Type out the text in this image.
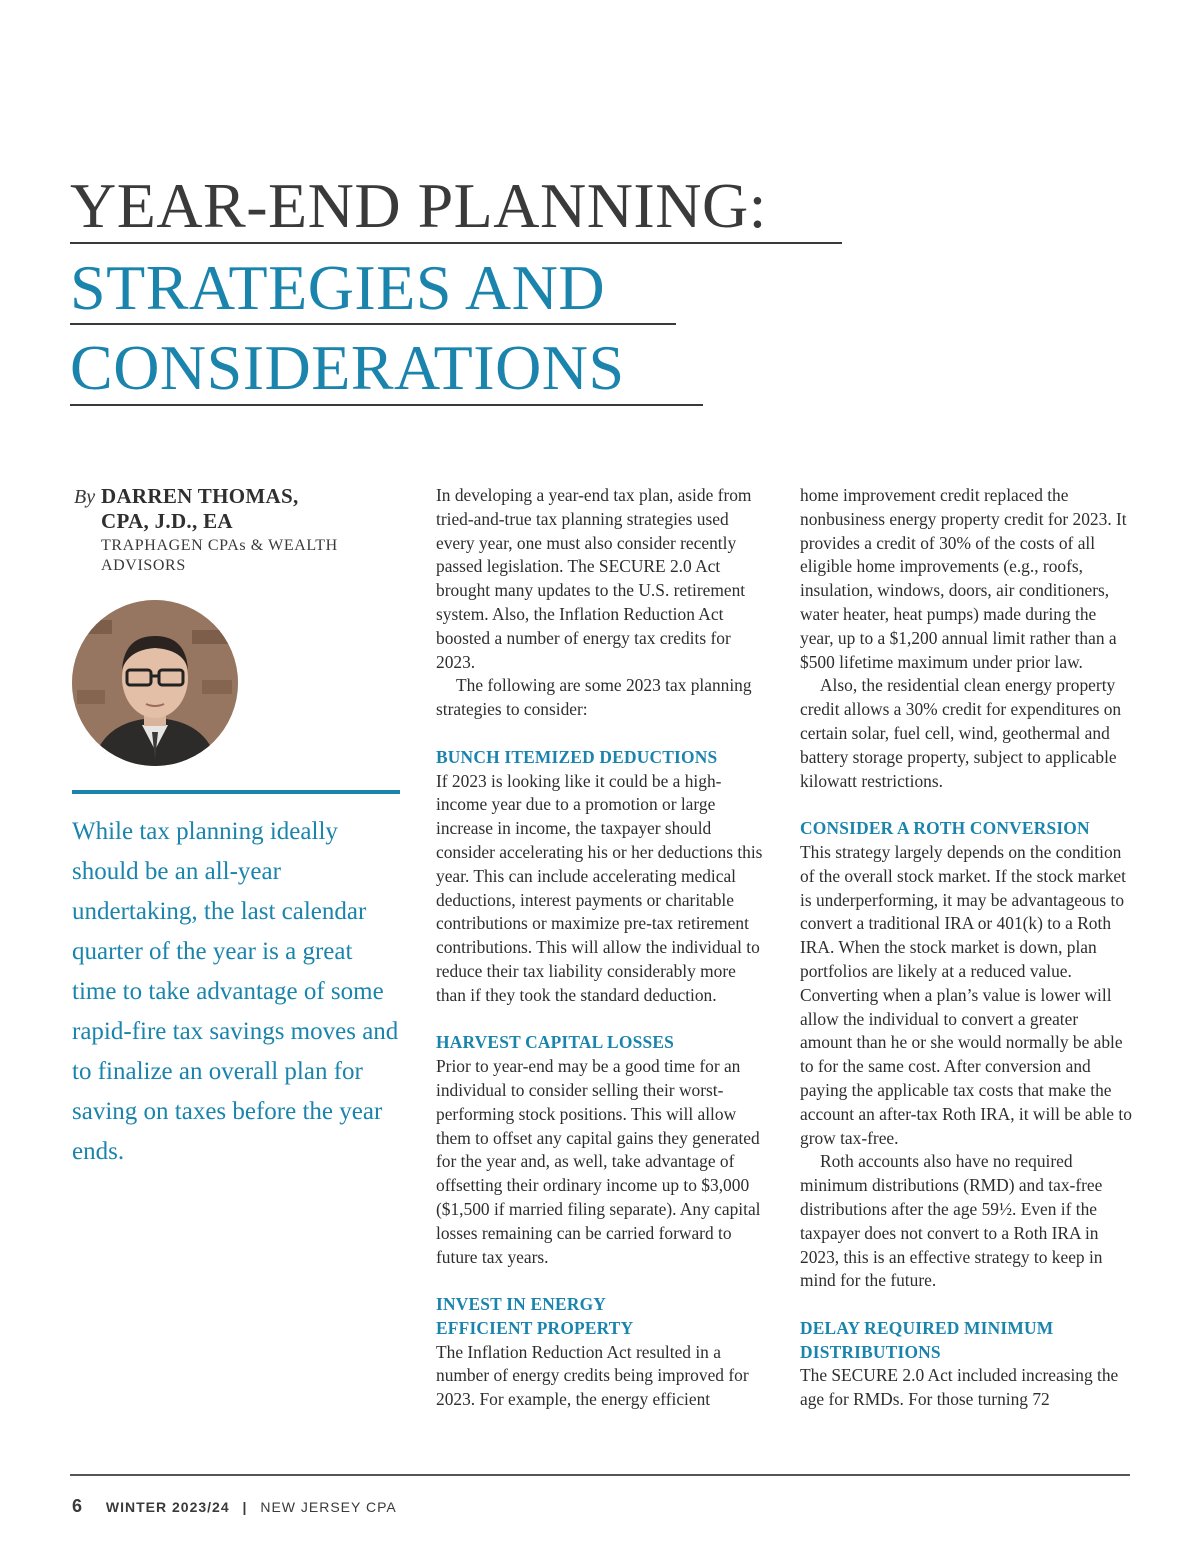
YEAR-END PLANNING:
STRATEGIES AND
CONSIDERATIONS
By DARREN THOMAS,
CPA, J.D., EA
TRAPHAGEN CPAs & WEALTH
ADVISORS
While tax planning ideally should be an all-year undertaking, the last calendar quarter of the year is a great time to take advantage of some rapid-fire tax savings moves and to finalize an overall plan for saving on taxes before the year ends.

In developing a year-end tax plan, aside from tried-and-true tax planning strategies used every year, one must also consider recently passed legislation. The SECURE 2.0 Act brought many updates to the U.S. retirement system. Also, the Inflation Reduction Act boosted a number of energy tax credits for 2023.

The following are some 2023 tax planning strategies to consider:

BUNCH ITEMIZED DEDUCTIONS

If 2023 is looking like it could be a high-income year due to a promotion or large increase in income, the taxpayer should consider accelerating his or her deductions this year. This can include accelerating medical deductions, interest payments or charitable contributions or maximize pre-tax retirement contributions. This will allow the individual to reduce their tax liability considerably more than if they took the standard deduction.

HARVEST CAPITAL LOSSES

Prior to year-end may be a good time for an individual to consider selling their worst-performing stock positions. This will allow them to offset any capital gains they generated for the year and, as well, take advantage of offsetting their ordinary income up to $3,000 ($1,500 if married filing separate). Any capital losses remaining can be carried forward to future tax years.

INVEST IN ENERGY
EFFICIENT PROPERTY

The Inflation Reduction Act resulted in a number of energy credits being improved for 2023. For example, the energy efficient

home improvement credit replaced the nonbusiness energy property credit for 2023. It provides a credit of 30% of the costs of all eligible home improvements (e.g., roofs, insulation, windows, doors, air conditioners, water heater, heat pumps) made during the year, up to a $1,200 annual limit rather than a $500 lifetime maximum under prior law.

Also, the residential clean energy property credit allows a 30% credit for expenditures on certain solar, fuel cell, wind, geothermal and battery storage property, subject to applicable kilowatt restrictions.

CONSIDER A ROTH CONVERSION

This strategy largely depends on the condition of the overall stock market. If the stock market is underperforming, it may be advantageous to convert a traditional IRA or 401(k) to a Roth IRA. When the stock market is down, plan portfolios are likely at a reduced value. Converting when a plan’s value is lower will allow the individual to convert a greater amount than he or she would normally be able to for the same cost. After conversion and paying the applicable tax costs that make the account an after-tax Roth IRA, it will be able to grow tax-free.

Roth accounts also have no required minimum distributions (RMD) and tax-free distributions after the age 59½. Even if the taxpayer does not convert to a Roth IRA in 2023, this is an effective strategy to keep in mind for the future.

DELAY REQUIRED MINIMUM
DISTRIBUTIONS

The SECURE 2.0 Act included increasing the age for RMDs. For those turning 72

6 WINTER 2023/24 | NEW JERSEY CPA
